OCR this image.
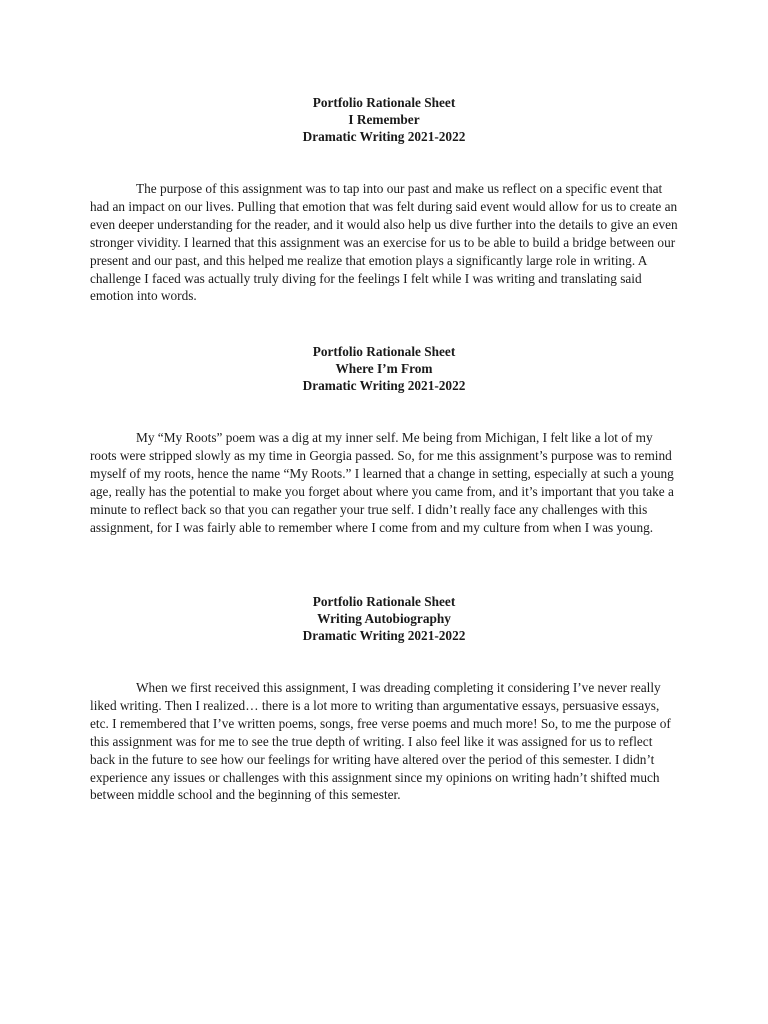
Portfolio Rationale Sheet
I Remember
Dramatic Writing 2021-2022
The purpose of this assignment was to tap into our past and make us reflect on a specific event that had an impact on our lives. Pulling that emotion that was felt during said event would allow for us to create an even deeper understanding for the reader, and it would also help us dive further into the details to give an even stronger vividity. I learned that this assignment was an exercise for us to be able to build a bridge between our present and our past, and this helped me realize that emotion plays a significantly large role in writing. A challenge I faced was actually truly diving for the feelings I felt while I was writing and translating said emotion into words.
Portfolio Rationale Sheet
Where I’m From
Dramatic Writing 2021-2022
My “My Roots” poem was a dig at my inner self. Me being from Michigan, I felt like a lot of my roots were stripped slowly as my time in Georgia passed. So, for me this assignment’s purpose was to remind myself of my roots, hence the name “My Roots.” I learned that a change in setting, especially at such a young age, really has the potential to make you forget about where you came from, and it’s important that you take a minute to reflect back so that you can regather your true self. I didn’t really face any challenges with this assignment, for I was fairly able to remember where I come from and my culture from when I was young.
Portfolio Rationale Sheet
Writing Autobiography
Dramatic Writing 2021-2022
When we first received this assignment, I was dreading completing it considering I’ve never really liked writing. Then I realized… there is a lot more to writing than argumentative essays, persuasive essays, etc. I remembered that I’ve written poems, songs, free verse poems and much more! So, to me the purpose of this assignment was for me to see the true depth of writing. I also feel like it was assigned for us to reflect back in the future to see how our feelings for writing have altered over the period of this semester. I didn’t experience any issues or challenges with this assignment since my opinions on writing hadn’t shifted much between middle school and the beginning of this semester.
